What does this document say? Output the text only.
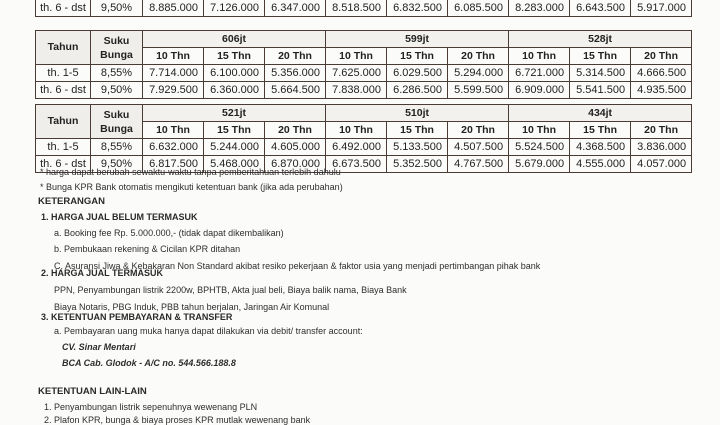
th. 6 - dst	9,50%	8.885.000	7.126.000	6.347.000	8.518.500	6.832.500	6.085.500	8.283.000	6.643.500	5.917.000
Tahun	Suku Bunga	606jt			599jt			528jt		
		10 Thn	15 Thn	20 Thn	10 Thn	15 Thn	20 Thn	10 Thn	15 Thn	20 Thn
th. 1-5	8,55%	7.714.000	6.100.000	5.356.000	7.625.000	6.029.500	5.294.000	6.721.000	5.314.500	4.666.500
th. 6 - dst	9,50%	7.929.500	6.360.000	5.664.500	7.838.000	6.286.500	5.599.500	6.909.000	5.541.500	4.935.500
Tahun	Suku Bunga	521jt			510jt			434jt		
		10 Thn	15 Thn	20 Thn	10 Thn	15 Thn	20 Thn	10 Thn	15 Thn	20 Thn
th. 1-5	8,55%	6.632.000	5.244.000	4.605.000	6.492.000	5.133.500	4.507.500	5.524.500	4.368.500	3.836.000
th. 6 - dst	9,50%	6.817.500	5.468.000	6.870.000	6.673.500	5.352.500	4.767.500	5.679.000	4.555.000	4.057.000
* harga dapat berubah sewaktu-waktu tanpa pemberitahuan terlebih dahulu
* Bunga KPR Bank otomatis mengikuti ketentuan bank (jika ada perubahan)
KETERANGAN
1. HARGA JUAL BELUM TERMASUK
a. Booking fee Rp. 5.000.000,- (tidak dapat dikembalikan)
b. Pembukaan rekening & Cicilan KPR ditahan
C. Asuransi Jiwa & Kebakaran Non Standard akibat resiko pekerjaan & faktor usia yang menjadi pertimbangan pihak bank
2. HARGA JUAL TERMASUK
PPN, Penyambungan listrik 2200w, BPHTB, Akta jual beli, Biaya balik nama, Biaya Bank
Biaya Notaris, PBG Induk, PBB tahun berjalan, Jaringan Air Komunal
3. KETENTUAN PEMBAYARAN & TRANSFER
a. Pembayaran uang muka hanya dapat dilakukan via debit/ transfer account:
CV. Sinar Mentari
BCA Cab. Glodok - A/C no. 544.566.188.8
KETENTUAN LAIN-LAIN
1. Penyambungan listrik sepenuhnya wewenang PLN
2. Plafon KPR, bunga & biaya proses KPR mutlak wewenang bank
